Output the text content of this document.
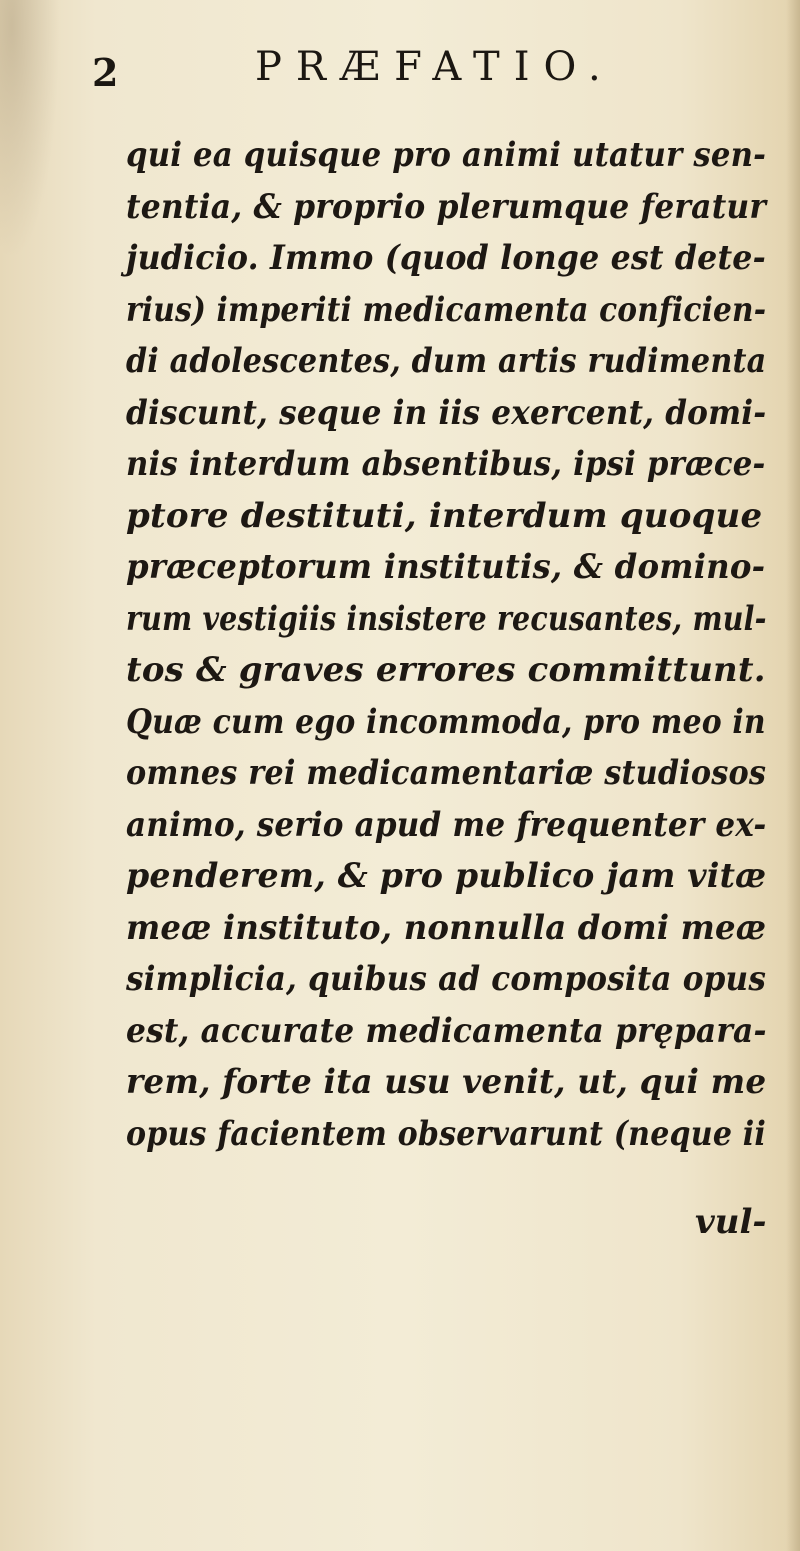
2	PRÆFATIO.
qui ea quisque pro animi utatur sen-
tentia, & proprio plerumque feratur
judicio. Immo (quod longe est dete-
rius) imperiti medicamenta conficien-
di adolescentes, dum artis rudimenta
discunt, seque in iis exercent, domi-
nis interdum absentibus, ipsi præce-
ptore destituti, interdum quoque
præceptorum institutis, & domino-
rum vestigiis insistere recusantes, mul-
tos & graves errores committunt.
Quæ cum ego incommoda, pro meo in
omnes rei medicamentariæ studiosos
animo, serio apud me frequenter ex-
penderem, & pro publico jam vitæ
meæ instituto, nonnulla domi meæ
simplicia, quibus ad composita opus
est, accurate medicamenta prępara-
rem, forte ita usu venit, ut, qui me
opus facientem observarunt (neque ii
vul-
